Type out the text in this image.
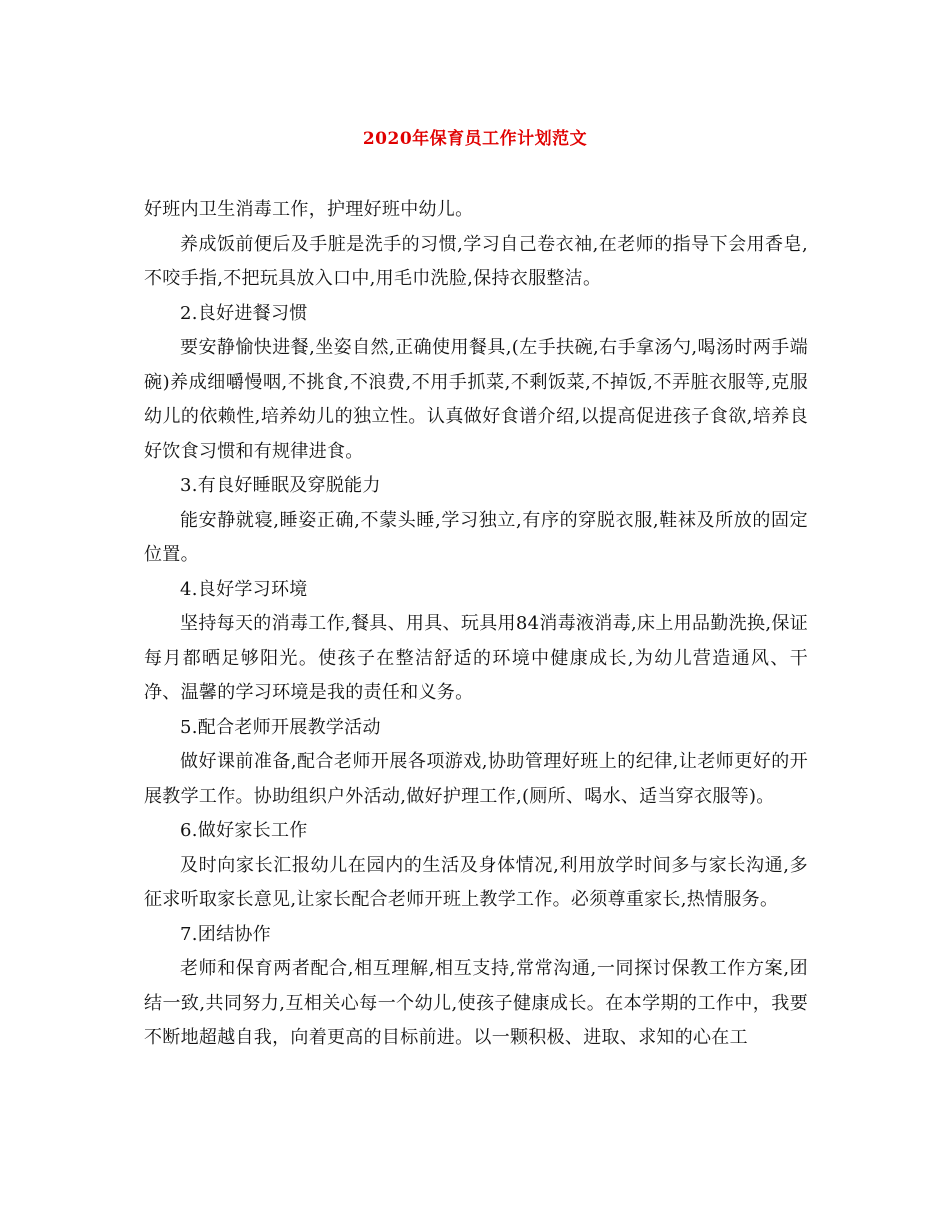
2020年保育员工作计划范文

好班内卫生消毒工作，护理好班中幼儿。

养成饭前便后及手脏是洗手的习惯,学习自己卷衣袖,在老师的指导下会用香皂,不咬手指,不把玩具放入口中,用毛巾洗脸,保持衣服整洁。

2.良好进餐习惯

要安静愉快进餐,坐姿自然,正确使用餐具,(左手扶碗,右手拿汤勺,喝汤时两手端碗)养成细嚼慢咽,不挑食,不浪费,不用手抓菜,不剩饭菜,不掉饭,不弄脏衣服等,克服幼儿的依赖性,培养幼儿的独立性。认真做好食谱介绍,以提高促进孩子食欲,培养良好饮食习惯和有规律进食。

3.有良好睡眠及穿脱能力

能安静就寝,睡姿正确,不蒙头睡,学习独立,有序的穿脱衣服,鞋袜及所放的固定位置。

4.良好学习环境

坚持每天的消毒工作,餐具、用具、玩具用84消毒液消毒,床上用品勤洗换,保证每月都晒足够阳光。使孩子在整洁舒适的环境中健康成长,为幼儿营造通风、干净、温馨的学习环境是我的责任和义务。

5.配合老师开展教学活动

做好课前准备,配合老师开展各项游戏,协助管理好班上的纪律,让老师更好的开展教学工作。协助组织户外活动,做好护理工作,(厕所、喝水、适当穿衣服等)。

6.做好家长工作

及时向家长汇报幼儿在园内的生活及身体情况,利用放学时间多与家长沟通,多征求听取家长意见,让家长配合老师开班上教学工作。必须尊重家长,热情服务。

7.团结协作

老师和保育两者配合,相互理解,相互支持,常常沟通,一同探讨保教工作方案,团结一致,共同努力,互相关心每一个幼儿,使孩子健康成长。在本学期的工作中，我要不断地超越自我，向着更高的目标前进。以一颗积极、进取、求知的心在工
